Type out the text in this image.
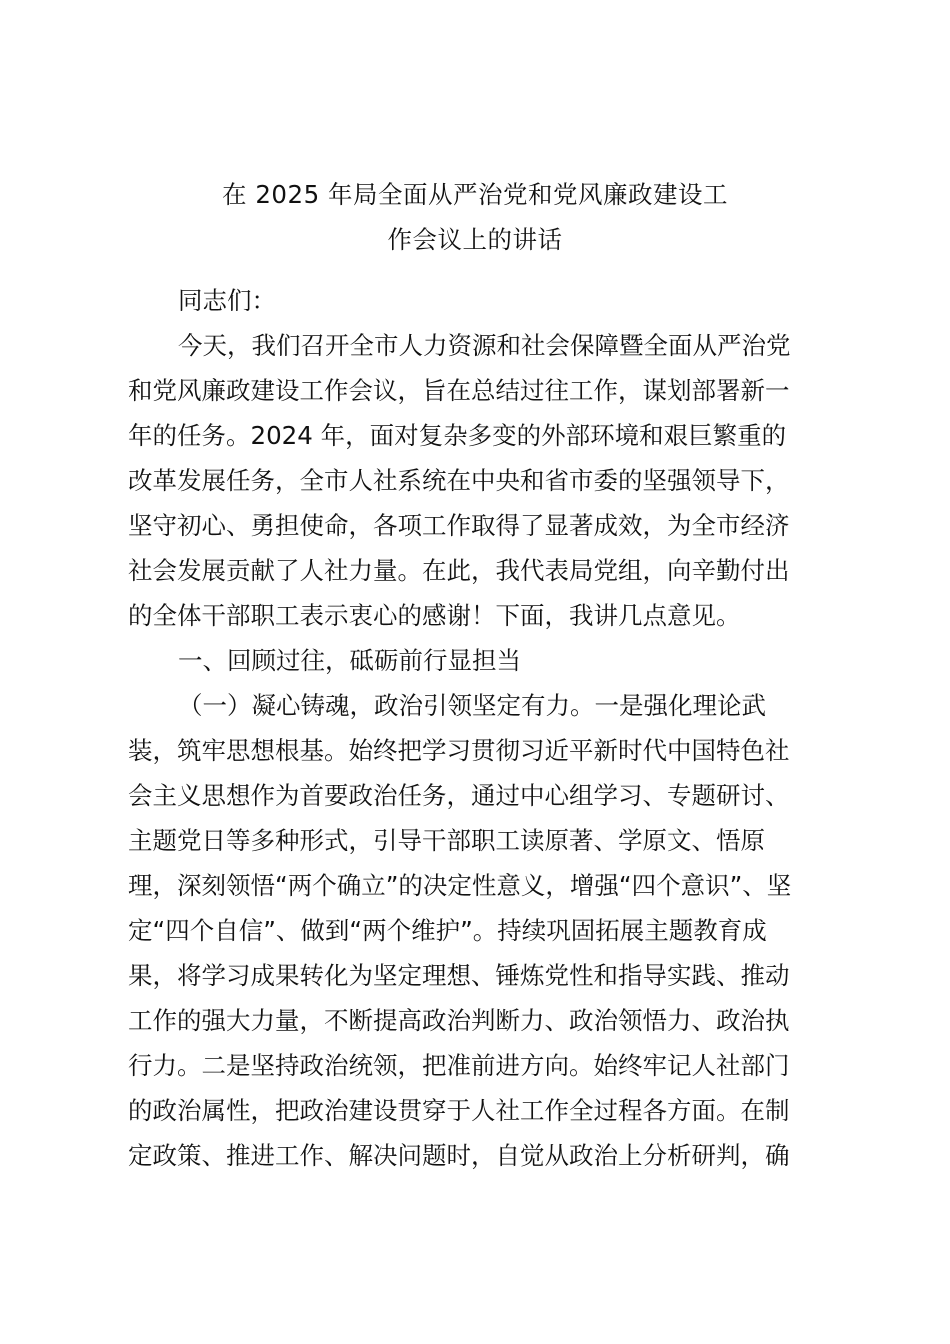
在 2025 年局全面从严治党和党风廉政建设工
作会议上的讲话
同志们：
今天，我们召开全市人力资源和社会保障暨全面从严治党
和党风廉政建设工作会议，旨在总结过往工作，谋划部署新一
年的任务。2024 年，面对复杂多变的外部环境和艰巨繁重的
改革发展任务，全市人社系统在中央和省市委的坚强领导下，
坚守初心、勇担使命，各项工作取得了显著成效，为全市经济
社会发展贡献了人社力量。在此，我代表局党组，向辛勤付出
的全体干部职工表示衷心的感谢！下面，我讲几点意见。
一、回顾过往，砥砺前行显担当
（一）凝心铸魂，政治引领坚定有力。一是强化理论武
装，筑牢思想根基。始终把学习贯彻习近平新时代中国特色社
会主义思想作为首要政治任务，通过中心组学习、专题研讨、
主题党日等多种形式，引导干部职工读原著、学原文、悟原
理，深刻领悟“两个确立”的决定性意义，增强“四个意识”、坚
定“四个自信”、做到“两个维护”。持续巩固拓展主题教育成
果，将学习成果转化为坚定理想、锤炼党性和指导实践、推动
工作的强大力量，不断提高政治判断力、政治领悟力、政治执
行力。二是坚持政治统领，把准前进方向。始终牢记人社部门
的政治属性，把政治建设贯穿于人社工作全过程各方面。在制
定政策、推进工作、解决问题时，自觉从政治上分析研判，确
